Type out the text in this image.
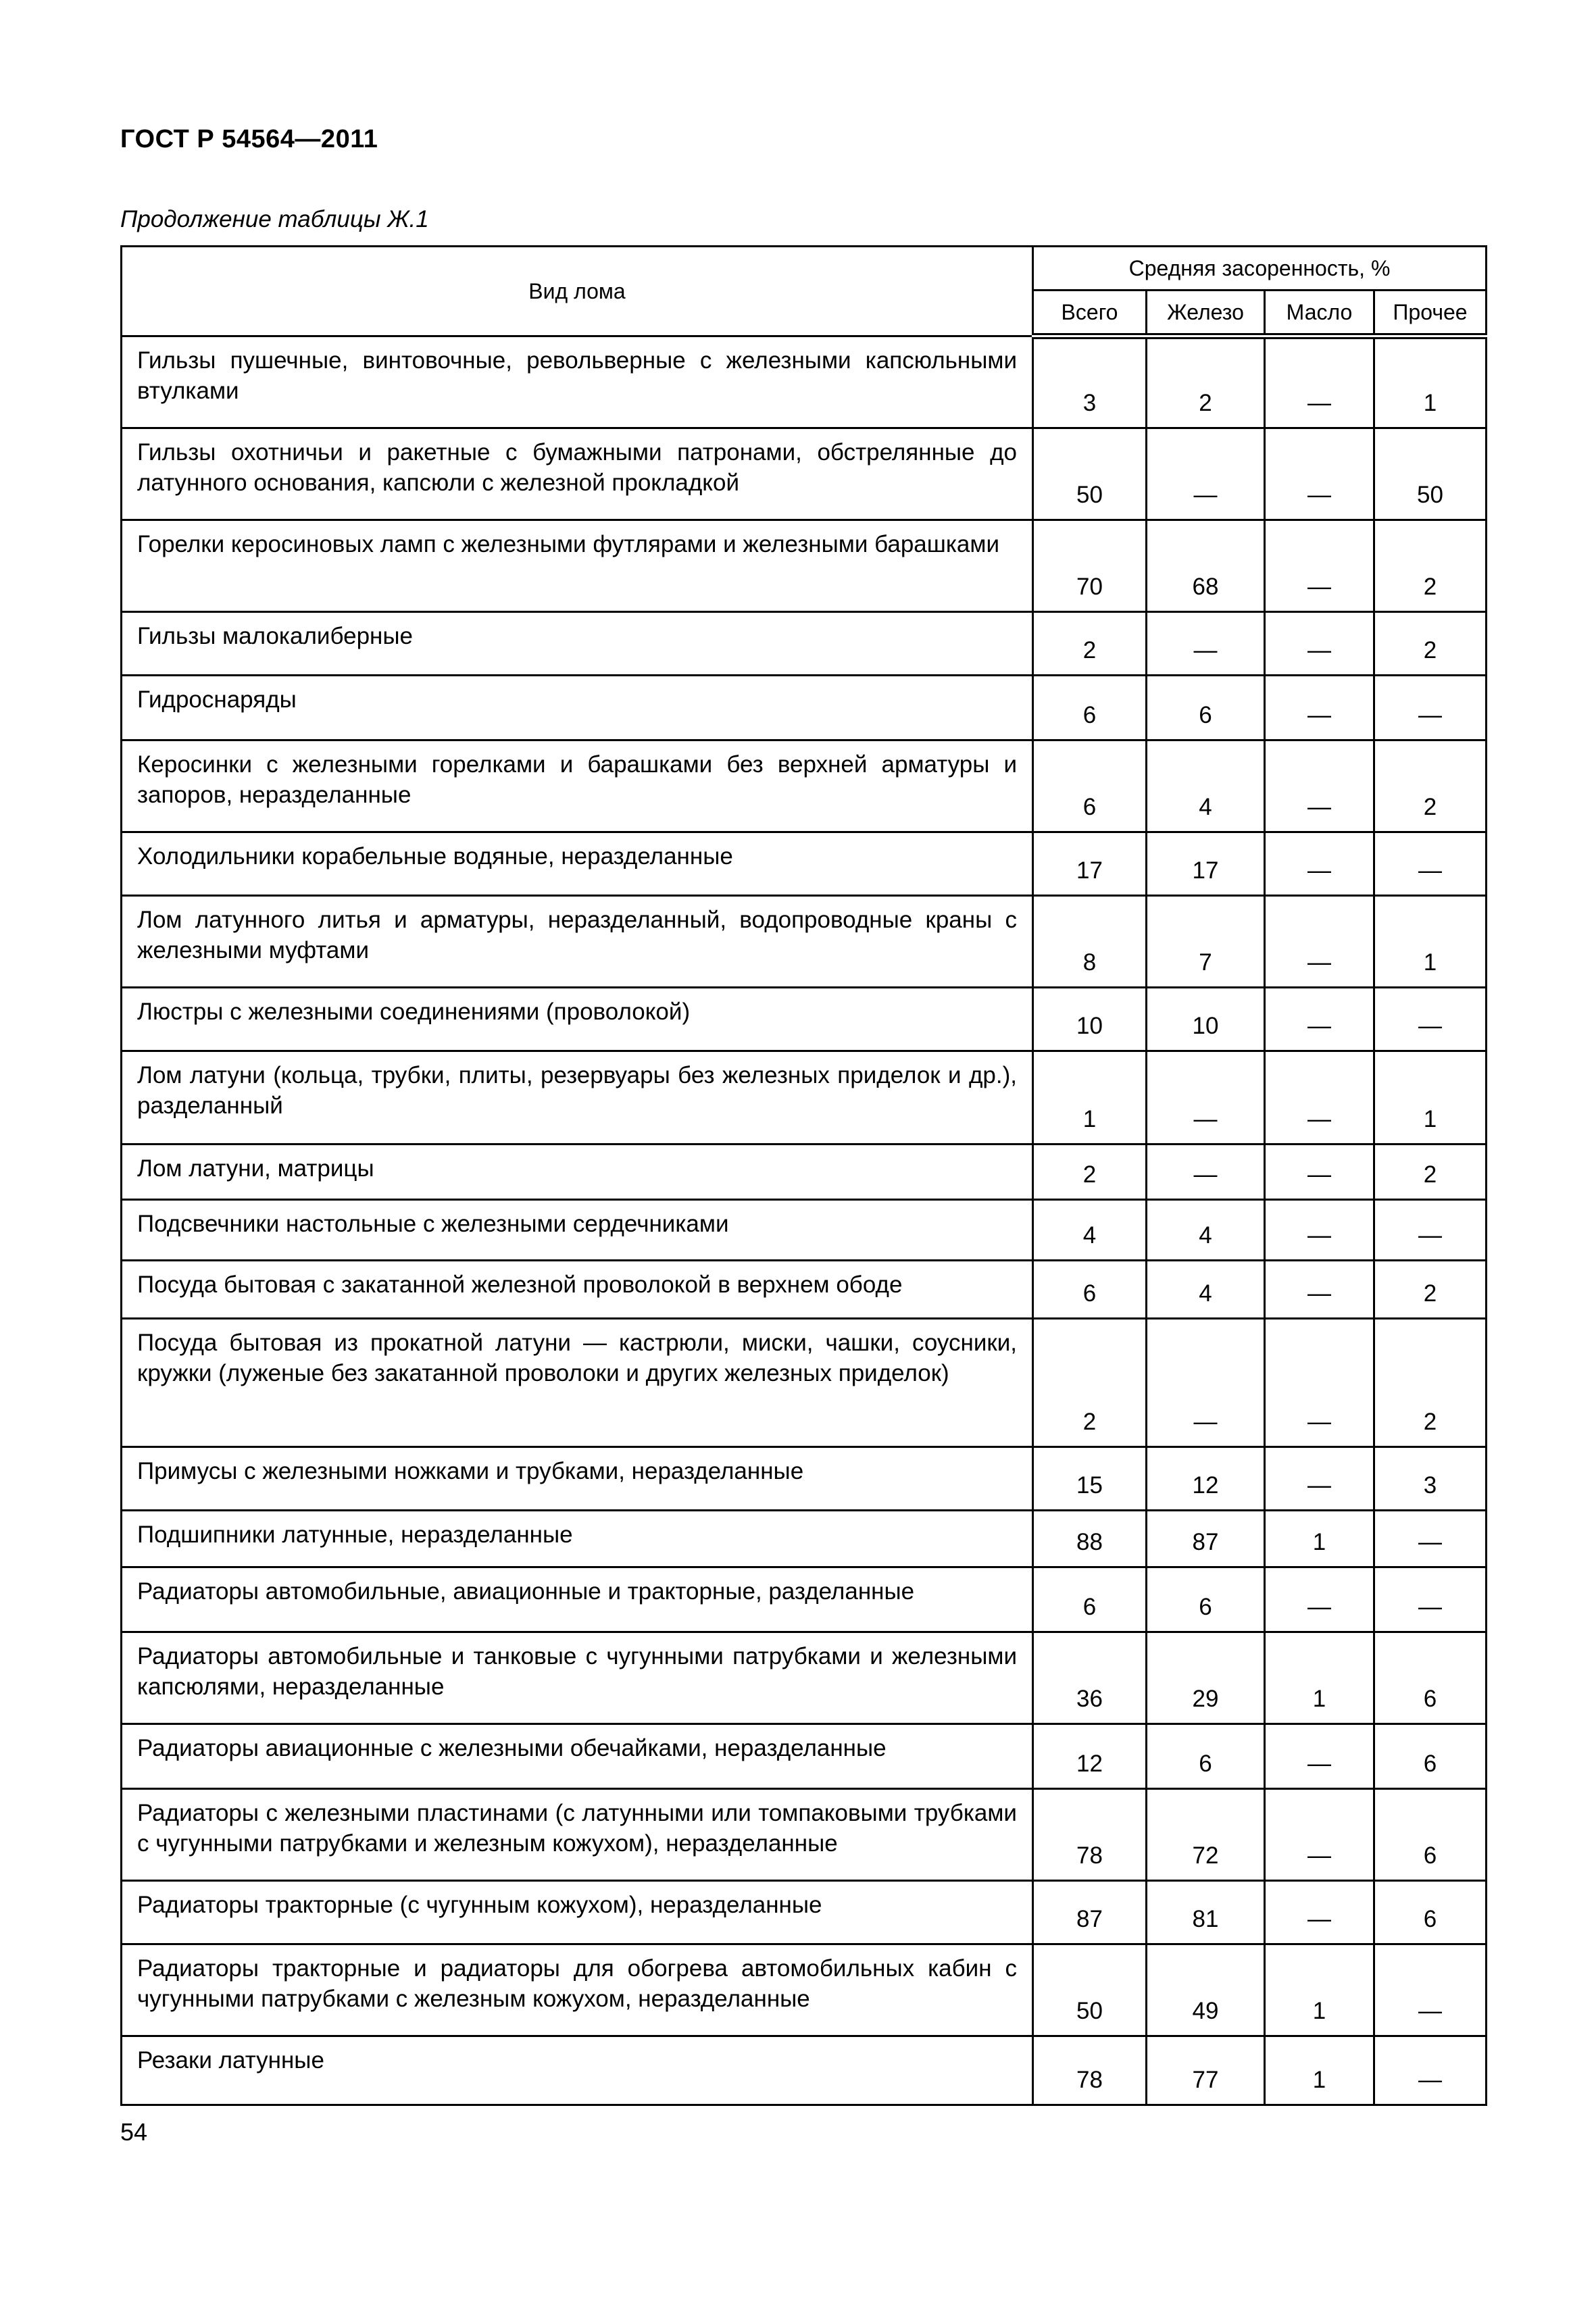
ГОСТ Р 54564—2011
Продолжение таблицы Ж.1
Вид лома	Средняя засоренность, %			
	Всего	Железо	Масло	Прочее
Гильзы пушечные, винтовочные, револьверные с железными капсюльными втулками	3	2	—	1
Гильзы охотничьи и ракетные с бумажными патронами, обстрелянные до латунного основания, капсюли с железной прокладкой	50	—	—	50
Горелки керосиновых ламп с железными футлярами и железными барашками	70	68	—	2
Гильзы малокалиберные	2	—	—	2
Гидроснаряды	6	6	—	—
Керосинки с железными горелками и барашками без верхней арматуры и запоров, неразделанные	6	4	—	2
Холодильники корабельные водяные, неразделанные	17	17	—	—
Лом латунного литья и арматуры, неразделанный, водопроводные краны с железными муфтами	8	7	—	1
Люстры с железными соединениями (проволокой)	10	10	—	—
Лом латуни (кольца, трубки, плиты, резервуары без железных приделок и др.), разделанный	1	—	—	1
Лом латуни, матрицы	2	—	—	2
Подсвечники настольные с железными сердечниками	4	4	—	—
Посуда бытовая с закатанной железной проволокой в верхнем ободе	6	4	—	2
Посуда бытовая из прокатной латуни — кастрюли, миски, чашки, соусники, кружки (луженые без закатанной проволоки и других железных приделок)	2	—	—	2
Примусы с железными ножками и трубками, неразделанные	15	12	—	3
Подшипники латунные, неразделанные	88	87	1	—
Радиаторы автомобильные, авиационные и тракторные, разделанные	6	6	—	—
Радиаторы автомобильные и танковые с чугунными патрубками и железными капсюлями, неразделанные	36	29	1	6
Радиаторы авиационные с железными обечайками, неразделанные	12	6	—	6
Радиаторы с железными пластинами (с латунными или томпаковыми трубками с чугунными патрубками и железным кожухом), неразделанные	78	72	—	6
Радиаторы тракторные (с чугунным кожухом), неразделанные	87	81	—	6
Радиаторы тракторные и радиаторы для обогрева автомобильных кабин с чугунными патрубками с железным кожухом, неразделанные	50	49	1	—
Резаки латунные	78	77	1	—
54
